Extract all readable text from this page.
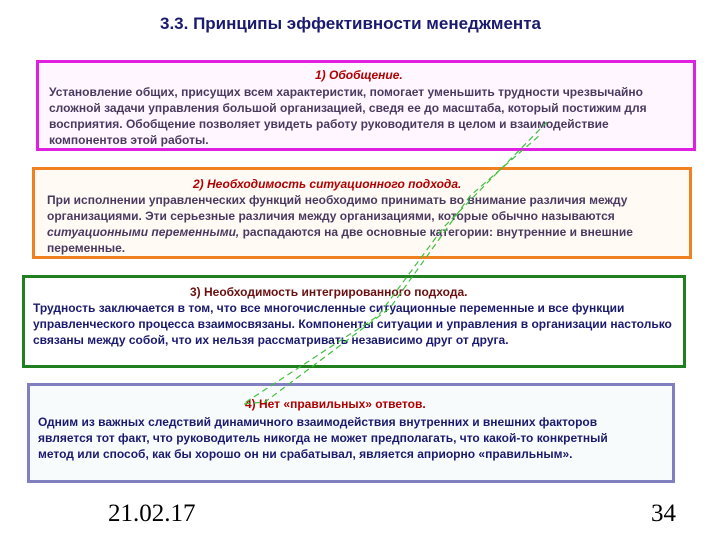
3.3. Принципы эффективности менеджмента
1) Обобщение.
Установление общих, присущих всем характеристик, помогает уменьшить трудности чрезвычайно сложной задачи управления большой организацией, сведя ее до масштаба, который постижим для восприятия. Обобщение позволяет увидеть работу руководителя в целом и взаимодействие компонентов этой работы.
2) Необходимость ситуационного подхода.
При исполнении управленческих функций необходимо принимать во внимание различия между организациями. Эти серьезные различия между организациями, которые обычно называются ситуационными переменными, распадаются на две основные категории: внутренние и внешние переменные.
3) Необходимость интегрированного подхода.
Трудность заключается в том, что все многочисленные ситуационные переменные и все функции управленческого процесса взаимосвязаны. Компоненты ситуации и управления в организации настолько связаны между собой, что их нельзя рассматривать независимо друг от друга.
4) Нет «правильных» ответов.
Одним из важных следствий динамичного взаимодействия внутренних и внешних факторов является тот факт, что руководитель никогда не может предполагать, что какой-то конкретный метод или способ, как бы хорошо он ни срабатывал, является априорно «правильным».
21.02.17	34
